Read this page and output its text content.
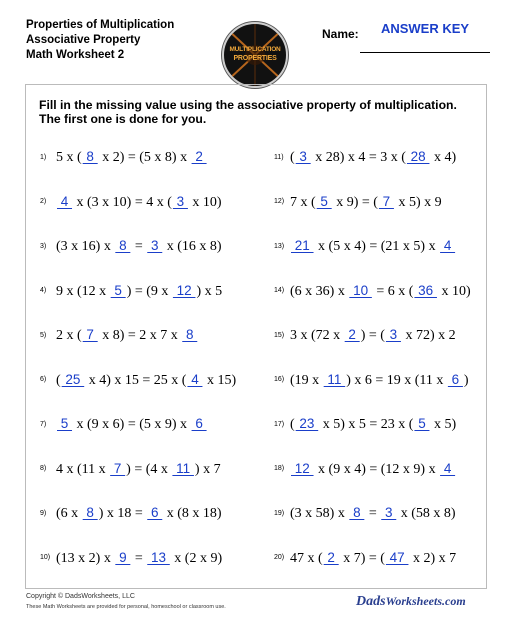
Properties of Multiplication
Associative Property
Math Worksheet 2	MULTIPLICATION
PROPERTIES
Name:	ANSWER KEY
Fill in the missing value using the associative property of multiplication.
The first one is done for you.
1) 5 x ( 8  x 2) = (5 x 8) x  2
2) 4  x (3 x 10) = 4 x ( 3  x 10)
3) (3 x 16) x  8  =  3  x (16 x 8)
4) 9 x (12 x  5 ) = (9 x  12 ) x 5
5) 2 x ( 7  x 8) = 2 x 7 x  8
6) ( 25  x 4) x 15 = 25 x ( 4  x 15)
7) 5  x (9 x 6) = (5 x 9) x  6
8) 4 x (11 x  7 ) = (4 x  11 ) x 7
9) (6 x  8 ) x 18 =  6  x (8 x 18)
10) (13 x 2) x  9  =  13  x (2 x 9)
11) ( 3  x 28) x 4 = 3 x ( 28  x 4)
12) 7 x ( 5  x 9) = ( 7  x 5) x 9
13) 21  x (5 x 4) = (21 x 5) x  4
14) (6 x 36) x  10  = 6 x ( 36  x 10)
15) 3 x (72 x  2 ) = ( 3  x 72) x 2
16) (19 x  11 ) x 6 = 19 x (11 x  6 )
17) ( 23  x 5) x 5 = 23 x ( 5  x 5)
18) 12  x (9 x 4) = (12 x 9) x  4
19) (3 x 58) x  8  =  3  x (58 x 8)
20) 47 x ( 2  x 7) = ( 47  x 2) x 7
Copyright © DadsWorksheets, LLC
These Math Worksheets are provided for personal, homeschool or classroom use.	DadsWorksheets.com
